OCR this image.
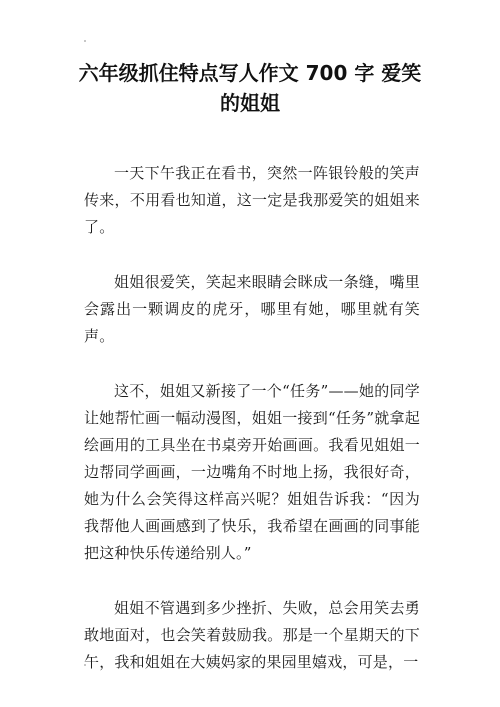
六年级抓住特点写人作文 700 字 爱笑
的姐姐

一天下午我正在看书，突然一阵银铃般的笑声传来，不用看也知道，这一定是我那爱笑的姐姐来了。

姐姐很爱笑，笑起来眼睛会眯成一条缝，嘴里会露出一颗调皮的虎牙，哪里有她，哪里就有笑声。

这不，姐姐又新接了一个“任务”——她的同学让她帮忙画一幅动漫图，姐姐一接到“任务”就拿起绘画用的工具坐在书桌旁开始画画。我看见姐姐一边帮同学画画，一边嘴角不时地上扬，我很好奇，她为什么会笑得这样高兴呢？姐姐告诉我：“因为我帮他人画画感到了快乐，我希望在画画的同事能把这种快乐传递给别人。”

姐姐不管遇到多少挫折、失败，总会用笑去勇敢地面对，也会笑着鼓励我。那是一个星期天的下午，我和姐姐在大姨妈家的果园里嬉戏，可是，一
